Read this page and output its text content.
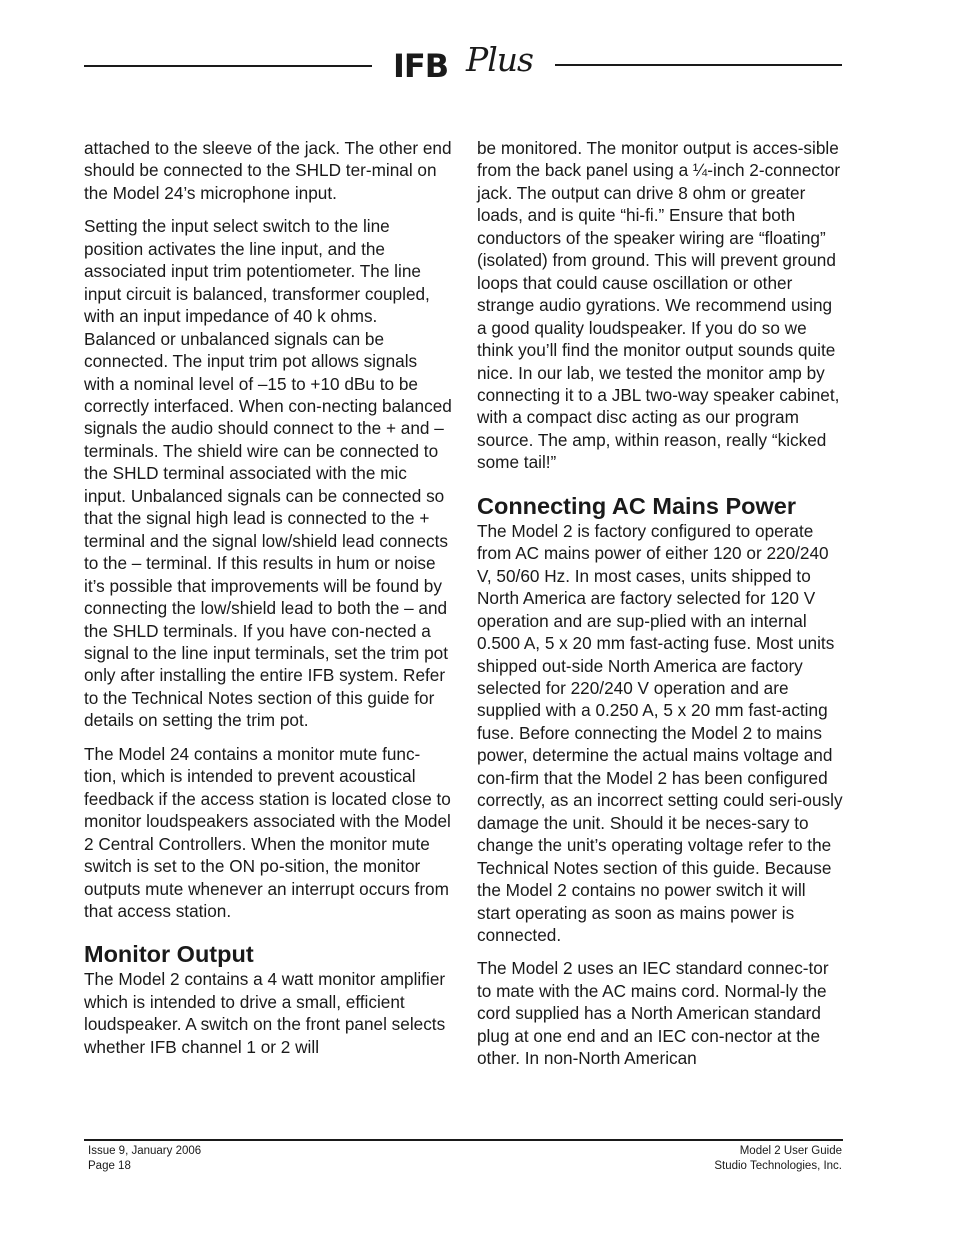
IFB Plus

attached to the sleeve of the jack. The other end should be connected to the SHLD ter-minal on the Model 24’s microphone input.

Setting the input select switch to the line position activates the line input, and the associated input trim potentiometer. The line input circuit is balanced, transformer coupled, with an input impedance of 40 k ohms. Balanced or unbalanced signals can be connected. The input trim pot allows signals with a nominal level of –15 to +10 dBu to be correctly interfaced. When con-necting balanced signals the audio should connect to the + and – terminals. The shield wire can be connected to the SHLD terminal associated with the mic input. Unbalanced signals can be connected so that the signal high lead is connected to the + terminal and the signal low/shield lead connects to the – terminal. If this results in hum or noise it’s possible that improvements will be found by connecting the low/shield lead to both the – and the SHLD terminals. If you have con-nected a signal to the line input terminals, set the trim pot only after installing the entire IFB system. Refer to the Technical Notes section of this guide for details on setting the trim pot.

The Model 24 contains a monitor mute func-tion, which is intended to prevent acoustical feedback if the access station is located close to monitor loudspeakers associated with the Model 2 Central Controllers. When the monitor mute switch is set to the ON po-sition, the monitor outputs mute whenever an interrupt occurs from that access station.

Monitor Output

The Model 2 contains a 4 watt monitor amplifier which is intended to drive a small, efficient loudspeaker. A switch on the front panel selects whether IFB channel 1 or 2 will

be monitored. The monitor output is acces-sible from the back panel using a ¼-inch 2-connector jack. The output can drive 8 ohm or greater loads, and is quite “hi-fi.” Ensure that both conductors of the speaker wiring are “floating” (isolated) from ground. This will prevent ground loops that could cause oscillation or other strange audio gyrations. We recommend using a good quality loudspeaker. If you do so we think you’ll find the monitor output sounds quite nice. In our lab, we tested the monitor amp by connecting it to a JBL two-way speaker cabinet, with a compact disc acting as our program source. The amp, within reason, really “kicked some tail!”

Connecting AC Mains Power

The Model 2 is factory configured to operate from AC mains power of either 120 or 220/240 V, 50/60 Hz. In most cases, units shipped to North America are factory selected for 120 V operation and are sup-plied with an internal 0.500 A, 5 x 20 mm fast-acting fuse. Most units shipped out-side North America are factory selected for 220/240 V operation and are supplied with a 0.250 A, 5 x 20 mm fast-acting fuse. Before connecting the Model 2 to mains power, determine the actual mains voltage and con-firm that the Model 2 has been configured correctly, as an incorrect setting could seri-ously damage the unit. Should it be neces-sary to change the unit’s operating voltage refer to the Technical Notes section of this guide. Because the Model 2 contains no power switch it will start operating as soon as mains power is connected.

The Model 2 uses an IEC standard connec-tor to mate with the AC mains cord. Normal-ly the cord supplied has a North American standard plug at one end and an IEC con-nector at the other. In non-North American

Issue 9, January 2006
Page 18
Model 2 User Guide
Studio Technologies, Inc.
